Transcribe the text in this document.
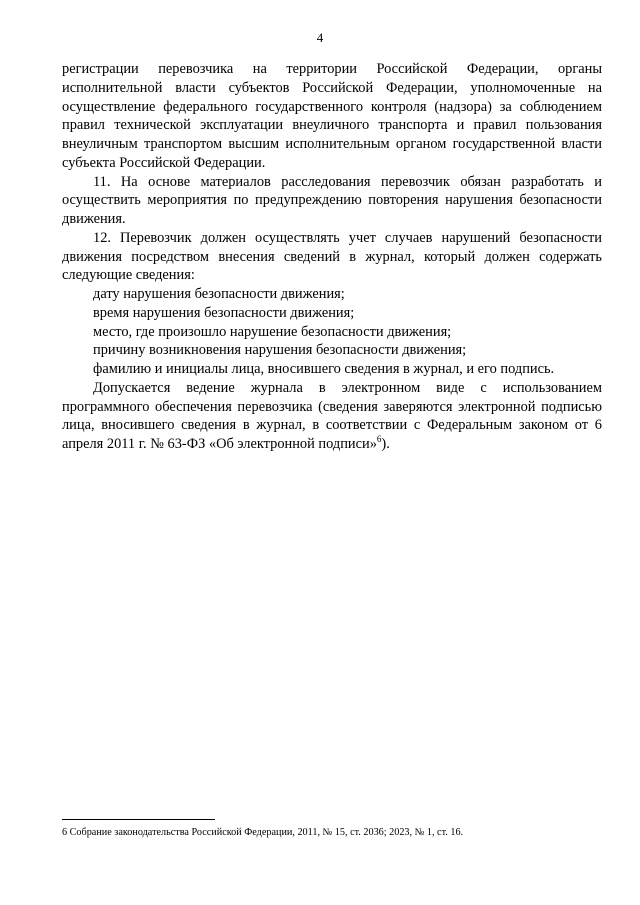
4

регистрации перевозчика на территории Российской Федерации, органы исполнительной власти субъектов Российской Федерации, уполномоченные на осуществление федерального государственного контроля (надзора) за соблюдением правил технической эксплуатации внеуличного транспорта и правил пользования внеуличным транспортом высшим исполнительным органом государственной власти субъекта Российской Федерации.

11. На основе материалов расследования перевозчик обязан разработать и осуществить мероприятия по предупреждению повторения нарушения безопасности движения.

12. Перевозчик должен осуществлять учет случаев нарушений безопасности движения посредством внесения сведений в журнал, который должен содержать следующие сведения:

дату нарушения безопасности движения;

время нарушения безопасности движения;

место, где произошло нарушение безопасности движения;

причину возникновения нарушения безопасности движения;

фамилию и инициалы лица, вносившего сведения в журнал, и его подпись.

Допускается ведение журнала в электронном виде с использованием программного обеспечения перевозчика (сведения заверяются электронной подписью лица, вносившего сведения в журнал, в соответствии с Федеральным законом от 6 апреля 2011 г. № 63-ФЗ «Об электронной подписи»$^6$).

6 Собрание законодательства Российской Федерации, 2011, № 15, ст. 2036; 2023, № 1, ст. 16.
